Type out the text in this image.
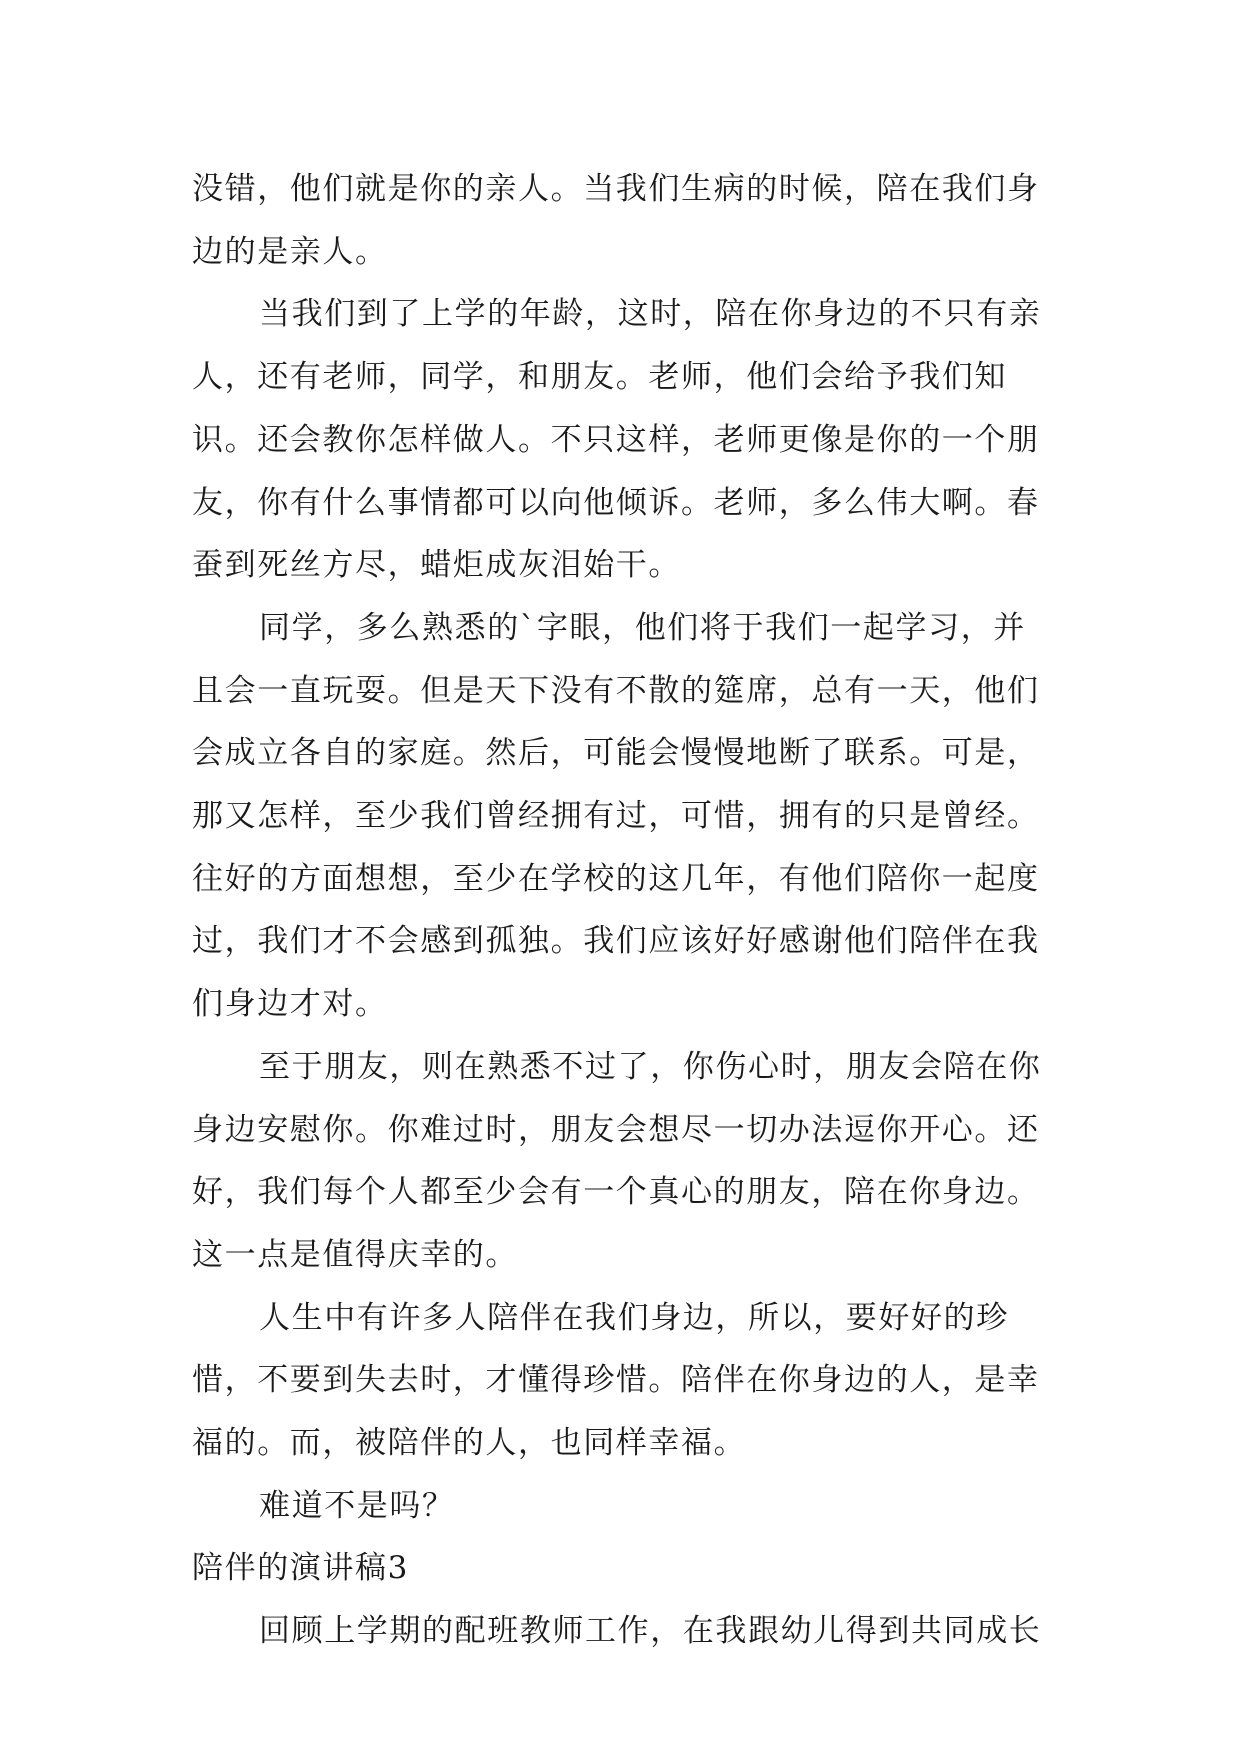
没错，他们就是你的亲人。当我们生病的时候，陪在我们身边的是亲人。

当我们到了上学的年龄，这时，陪在你身边的不只有亲人，还有老师，同学，和朋友。老师，他们会给予我们知识。还会教你怎样做人。不只这样，老师更像是你的一个朋友，你有什么事情都可以向他倾诉。老师，多么伟大啊。春蚕到死丝方尽，蜡炬成灰泪始干。

同学，多么熟悉的`字眼，他们将于我们一起学习，并且会一直玩耍。但是天下没有不散的筵席，总有一天，他们会成立各自的家庭。然后，可能会慢慢地断了联系。可是，那又怎样，至少我们曾经拥有过，可惜，拥有的只是曾经。往好的方面想想，至少在学校的这几年，有他们陪你一起度过，我们才不会感到孤独。我们应该好好感谢他们陪伴在我们身边才对。

至于朋友，则在熟悉不过了，你伤心时，朋友会陪在你身边安慰你。你难过时，朋友会想尽一切办法逗你开心。还好，我们每个人都至少会有一个真心的朋友，陪在你身边。这一点是值得庆幸的。

人生中有许多人陪伴在我们身边，所以，要好好的珍惜，不要到失去时，才懂得珍惜。陪伴在你身边的人，是幸福的。而，被陪伴的人，也同样幸福。

难道不是吗？

陪伴的演讲稿3

回顾上学期的配班教师工作，在我跟幼儿得到共同成长
